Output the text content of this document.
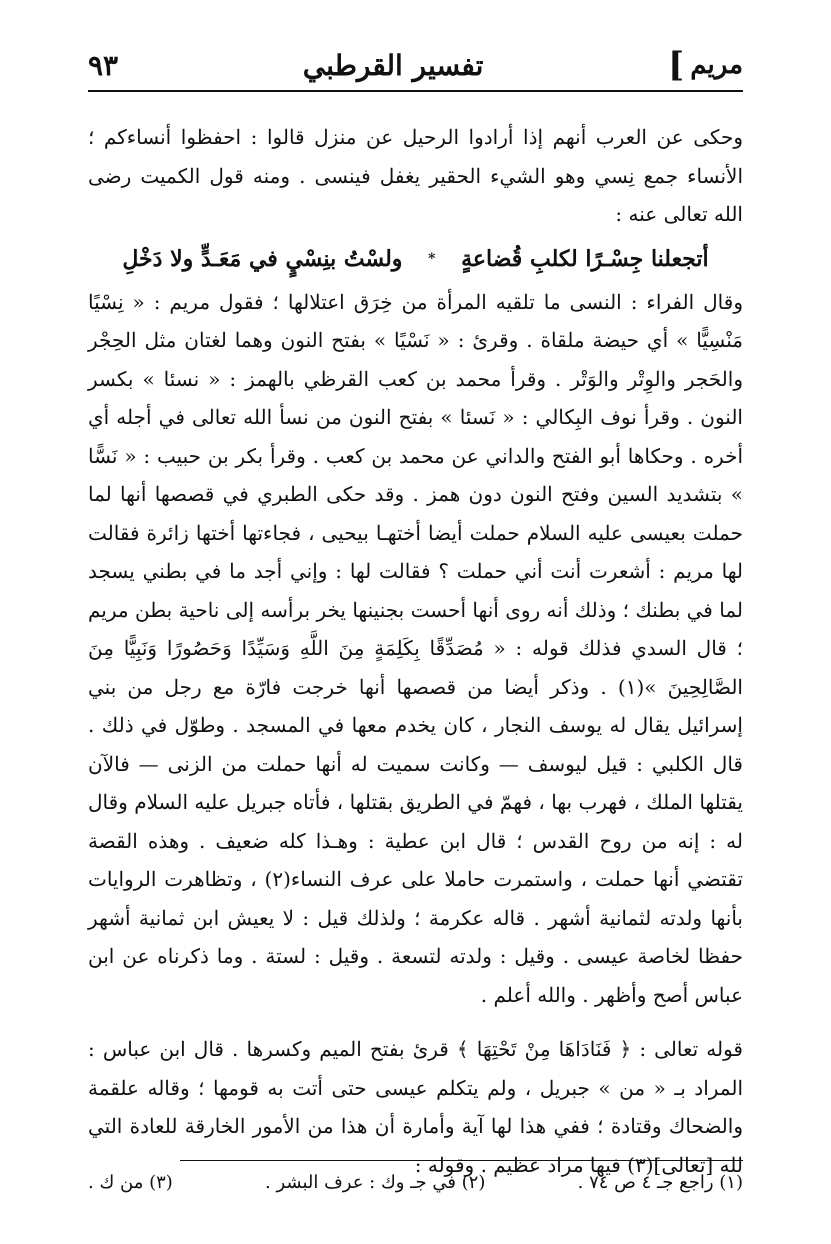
مريم
]
تفسير القرطبي
٩٣

وحكى عن العرب أنهم إذا أرادوا الرحيل عن منزل قالوا : احفظوا أنساءكم ؛ الأنساء جمع نِسي وهو الشيء الحقير يغفل فينسى . ومنه قول الكميت رضى الله تعالى عنه :

أتجعلنا جِسْـرًا لكلبِ قُضاعةٍ * ولسْتُ بنِسْيٍ في مَعَـدٍّ ولا دَخْلِ

وقال الفراء : النسى ما تلقيه المرأة من خِرَق اعتلالها ؛ فقول مريم : « نِسْيًا مَنْسِيًّا » أي حيضة ملقاة . وقرئ : « نَسْيًا » بفتح النون وهما لغتان مثل الحِجْر والحَجر والوِتْر والوَتْر . وقرأ محمد بن كعب القرظي بالهمز : « نسئا » بكسر النون . وقرأ نوف البِكالي : « نَسئا » بفتح النون من نسأ الله تعالى في أجله أي أخره . وحكاها أبو الفتح والداني عن محمد بن كعب . وقرأ بكر بن حبيب : « نَسًّا » بتشديد السين وفتح النون دون همز . وقد حكى الطبري في قصصها أنها لما حملت بعيسى عليه السلام حملت أيضا أختهـا بيحيى ، فجاءتها أختها زائرة فقالت لها مريم : أشعرت أنت أني حملت ؟ فقالت لها : وإني أجد ما في بطني يسجد لما في بطنك ؛ وذلك أنه روى أنها أحست بجنينها يخر برأسه إلى ناحية بطن مريم ؛ قال السدي فذلك قوله : « مُصَدِّقًا بِكَلِمَةٍ مِنَ اللَّهِ وَسَيِّدًا وَحَصُورًا وَنَبِيًّا مِنَ الصَّالِحِينَ »(١) . وذكر أيضا من قصصها أنها خرجت فارّة مع رجل من بني إسرائيل يقال له يوسف النجار ، كان يخدم معها في المسجد . وطوّل في ذلك . قال الكلبي : قيل ليوسف — وكانت سميت له أنها حملت من الزنى — فالآن يقتلها الملك ، فهرب بها ، فهمّ في الطريق بقتلها ، فأتاه جبريل عليه السلام وقال له : إنه من روح القدس ؛ قال ابن عطية : وهـذا كله ضعيف . وهذه القصة تقتضي أنها حملت ، واستمرت حاملا على عرف النساء(٢) ، وتظاهرت الروايات بأنها ولدته لثمانية أشهر . قاله عكرمة ؛ ولذلك قيل : لا يعيش ابن ثمانية أشهر حفظا لخاصة عيسى . وقيل : ولدته لتسعة . وقيل : لستة . وما ذكرناه عن ابن عباس أصح وأظهر . والله أعلم .

قوله تعالى : ﴿ فَنَادَاهَا مِنْ تَحْتِهَا ﴾ قرئ بفتح الميم وكسرها . قال ابن عباس : المراد بـ « من » جبريل ، ولم يتكلم عيسى حتى أتت به قومها ؛ وقاله علقمة والضحاك وقتادة ؛ ففي هذا لها آية وأمارة أن هذا من الأمور الخارقة للعادة التي لله [تعالى](٣) فيها مراد عظيم . وقوله :

(١) راجع جـ ٤ ص ٧٤ .
(٢) في جـ وك : عرف البشر .
(٣) من ك .
